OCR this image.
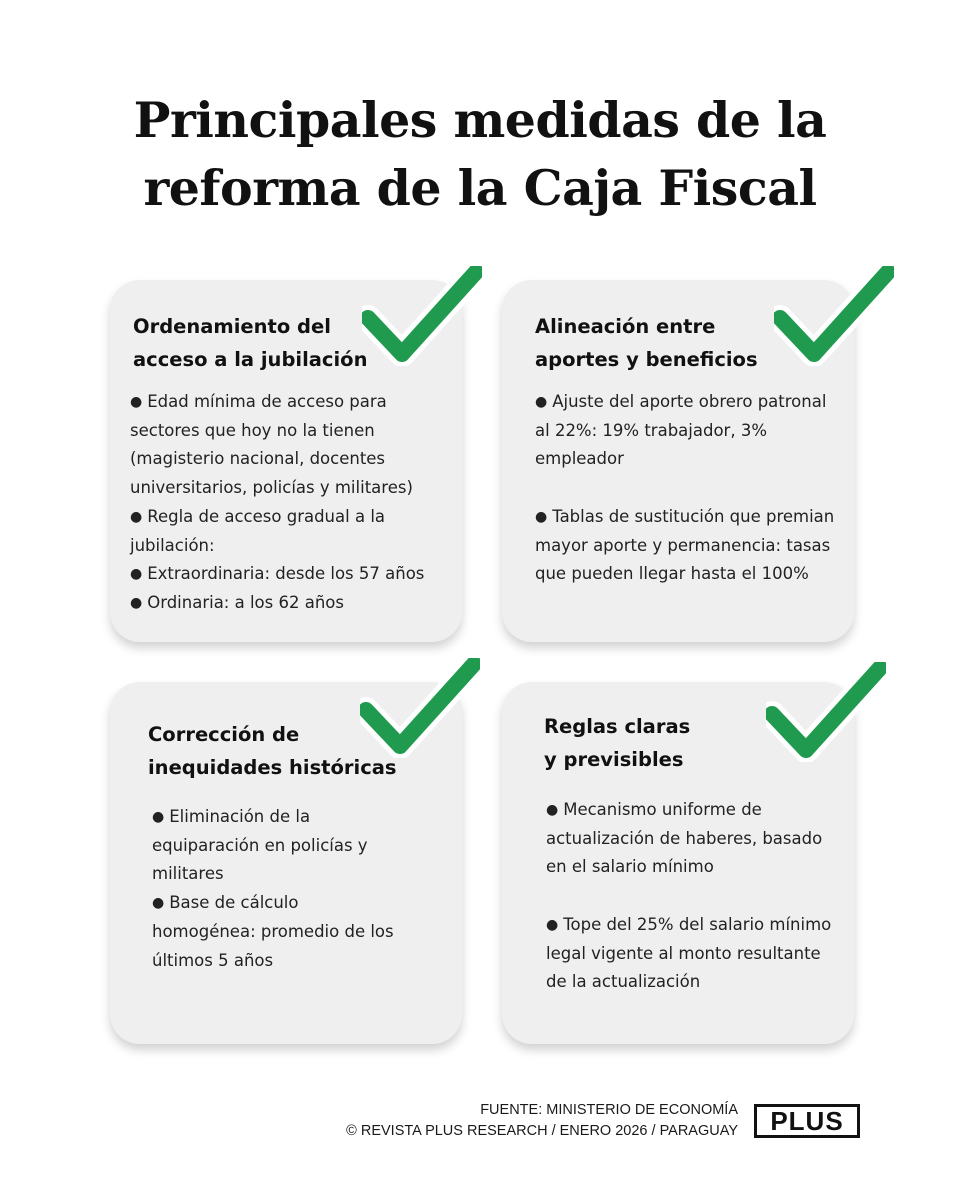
Principales medidas de la
reforma de la Caja Fiscal
Ordenamiento del
acceso a la jubilación
● Edad mínima de acceso para sectores que hoy no la tienen (magisterio nacional, docentes universitarios, policías y militares)
● Regla de acceso gradual a la jubilación:
● Extraordinaria: desde los 57 años
● Ordinaria: a los 62 años
Alineación entre
aportes y beneficios
● Ajuste del aporte obrero patronal al 22%: 19% trabajador, 3% empleador
● Tablas de sustitución que premian mayor aporte y permanencia: tasas que pueden llegar hasta el 100%
Corrección de
inequidades históricas
● Eliminación de la equiparación en policías y militares
● Base de cálculo homogénea: promedio de los últimos 5 años
Reglas claras
y previsibles
● Mecanismo uniforme de actualización de haberes, basado en el salario mínimo
● Tope del 25% del salario mínimo legal vigente al monto resultante de la actualización
FUENTE: MINISTERIO DE ECONOMÍA
© REVISTA PLUS RESEARCH / ENERO 2026 / PARAGUAY	PLUS
